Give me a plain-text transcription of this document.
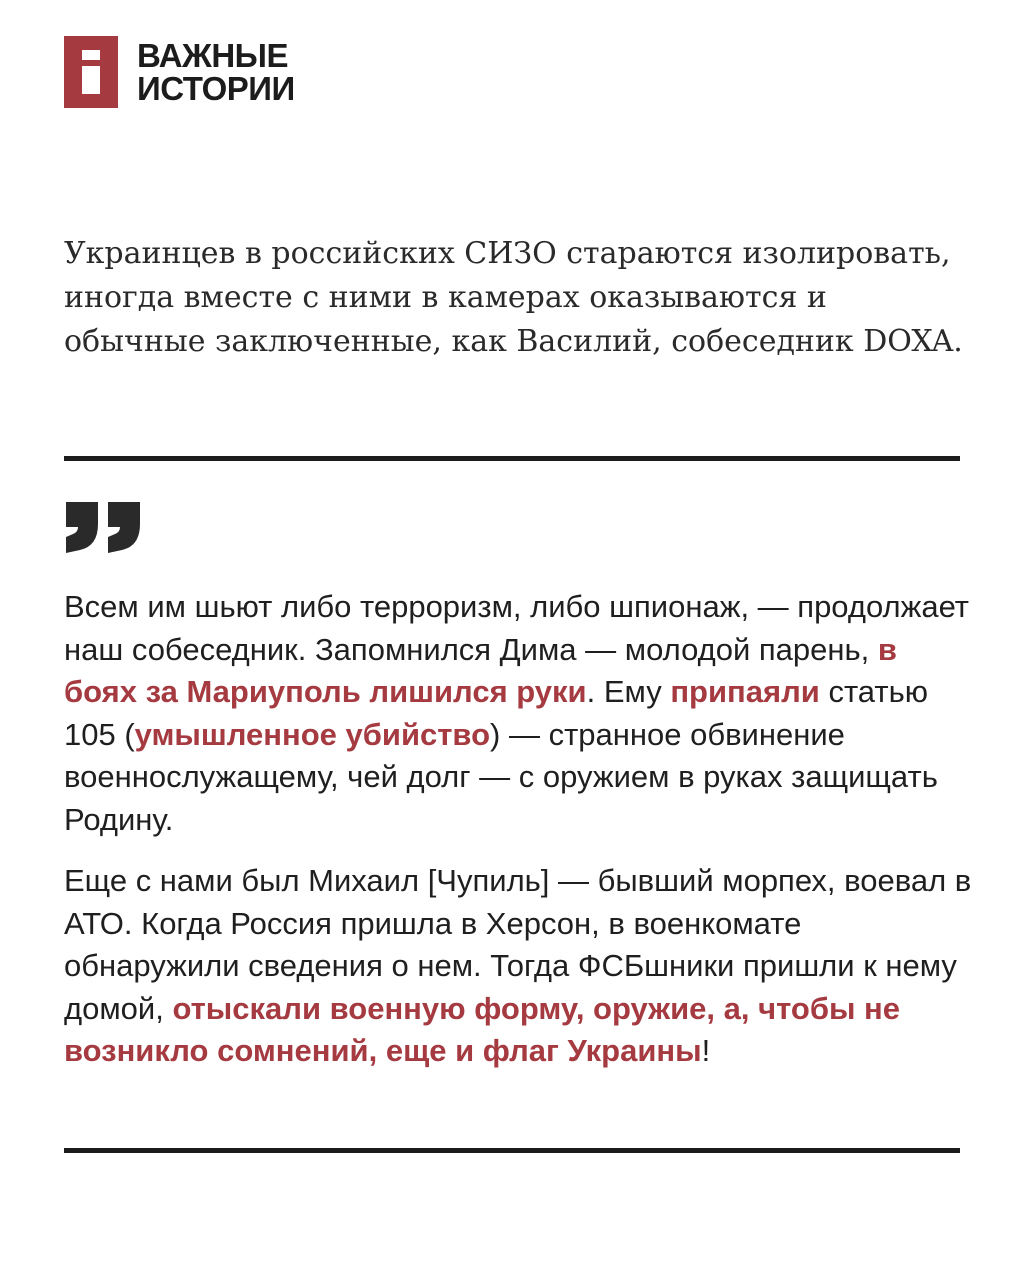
ВАЖНЫЕ
ИСТОРИИ

Украинцев в российских СИЗО стараются изолировать, иногда вместе с ними в камерах оказываются и обычные заключенные, как Василий, собеседник DOXA.

Всем им шьют либо терроризм, либо шпионаж, — продолжает наш собеседник. Запомнился Дима — молодой парень, в боях за Мариуполь лишился руки. Ему припаяли статью 105 (умышленное убийство) — странное обвинение военнослужащему, чей долг — с оружием в руках защищать Родину.

Еще с нами был Михаил [Чупиль] — бывший морпех, воевал в АТО. Когда Россия пришла в Херсон, в военкомате обнаружили сведения о нем. Тогда ФСБшники пришли к нему домой, отыскали военную форму, оружие, а, чтобы не возникло сомнений, еще и флаг Украины!
